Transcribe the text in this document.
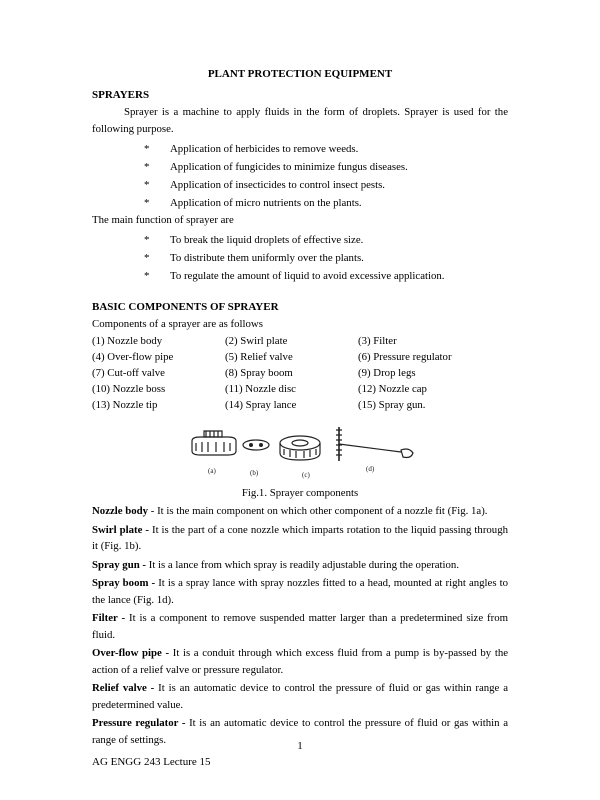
PLANT PROTECTION EQUIPMENT

SPRAYERS

Sprayer is a machine to apply fluids in the form of droplets. Sprayer is used for the following purpose.

* Application of herbicides to remove weeds.
* Application of fungicides to minimize fungus diseases.
* Application of insecticides to control insect pests.
* Application of micro nutrients on the plants.

The main function of sprayer are

* To break the liquid droplets of effective size.
* To distribute them uniformly over the plants.
* To regulate the amount of liquid to avoid excessive application.

BASIC COMPONENTS OF SPRAYER

Components of a sprayer are as follows

(1) Nozzle body	(2) Swirl plate	(3) Filter
(4) Over-flow pipe	(5) Relief valve	(6) Pressure regulator
(7) Cut-off valve	(8) Spray boom	(9) Drop legs
(10) Nozzle boss	(11) Nozzle disc	(12) Nozzle cap
(13) Nozzle tip	(14) Spray lance	(15) Spray gun.
(a)	(b)	(c)
(d)

Fig.1. Sprayer components

Nozzle body - It is the main component on which other component of a nozzle fit (Fig. 1a).

Swirl plate - It is the part of a cone nozzle which imparts rotation to the liquid passing through it (Fig. 1b).

Spray gun - It is a lance from which spray is readily adjustable during the operation.

Spray boom - It is a spray lance with spray nozzles fitted to a head, mounted at right angles to the lance (Fig. 1d).

Filter - It is a component to remove suspended matter larger than a predetermined size from fluid.

Over-flow pipe - It is a conduit through which excess fluid from a pump is by-passed by the action of a relief valve or pressure regulator.

Relief valve - It is an automatic device to control the pressure of fluid or gas within range a predetermined value.

Pressure regulator - It is an automatic device to control the pressure of fluid or gas within a range of settings.

1
AG ENGG 243 Lecture 15
